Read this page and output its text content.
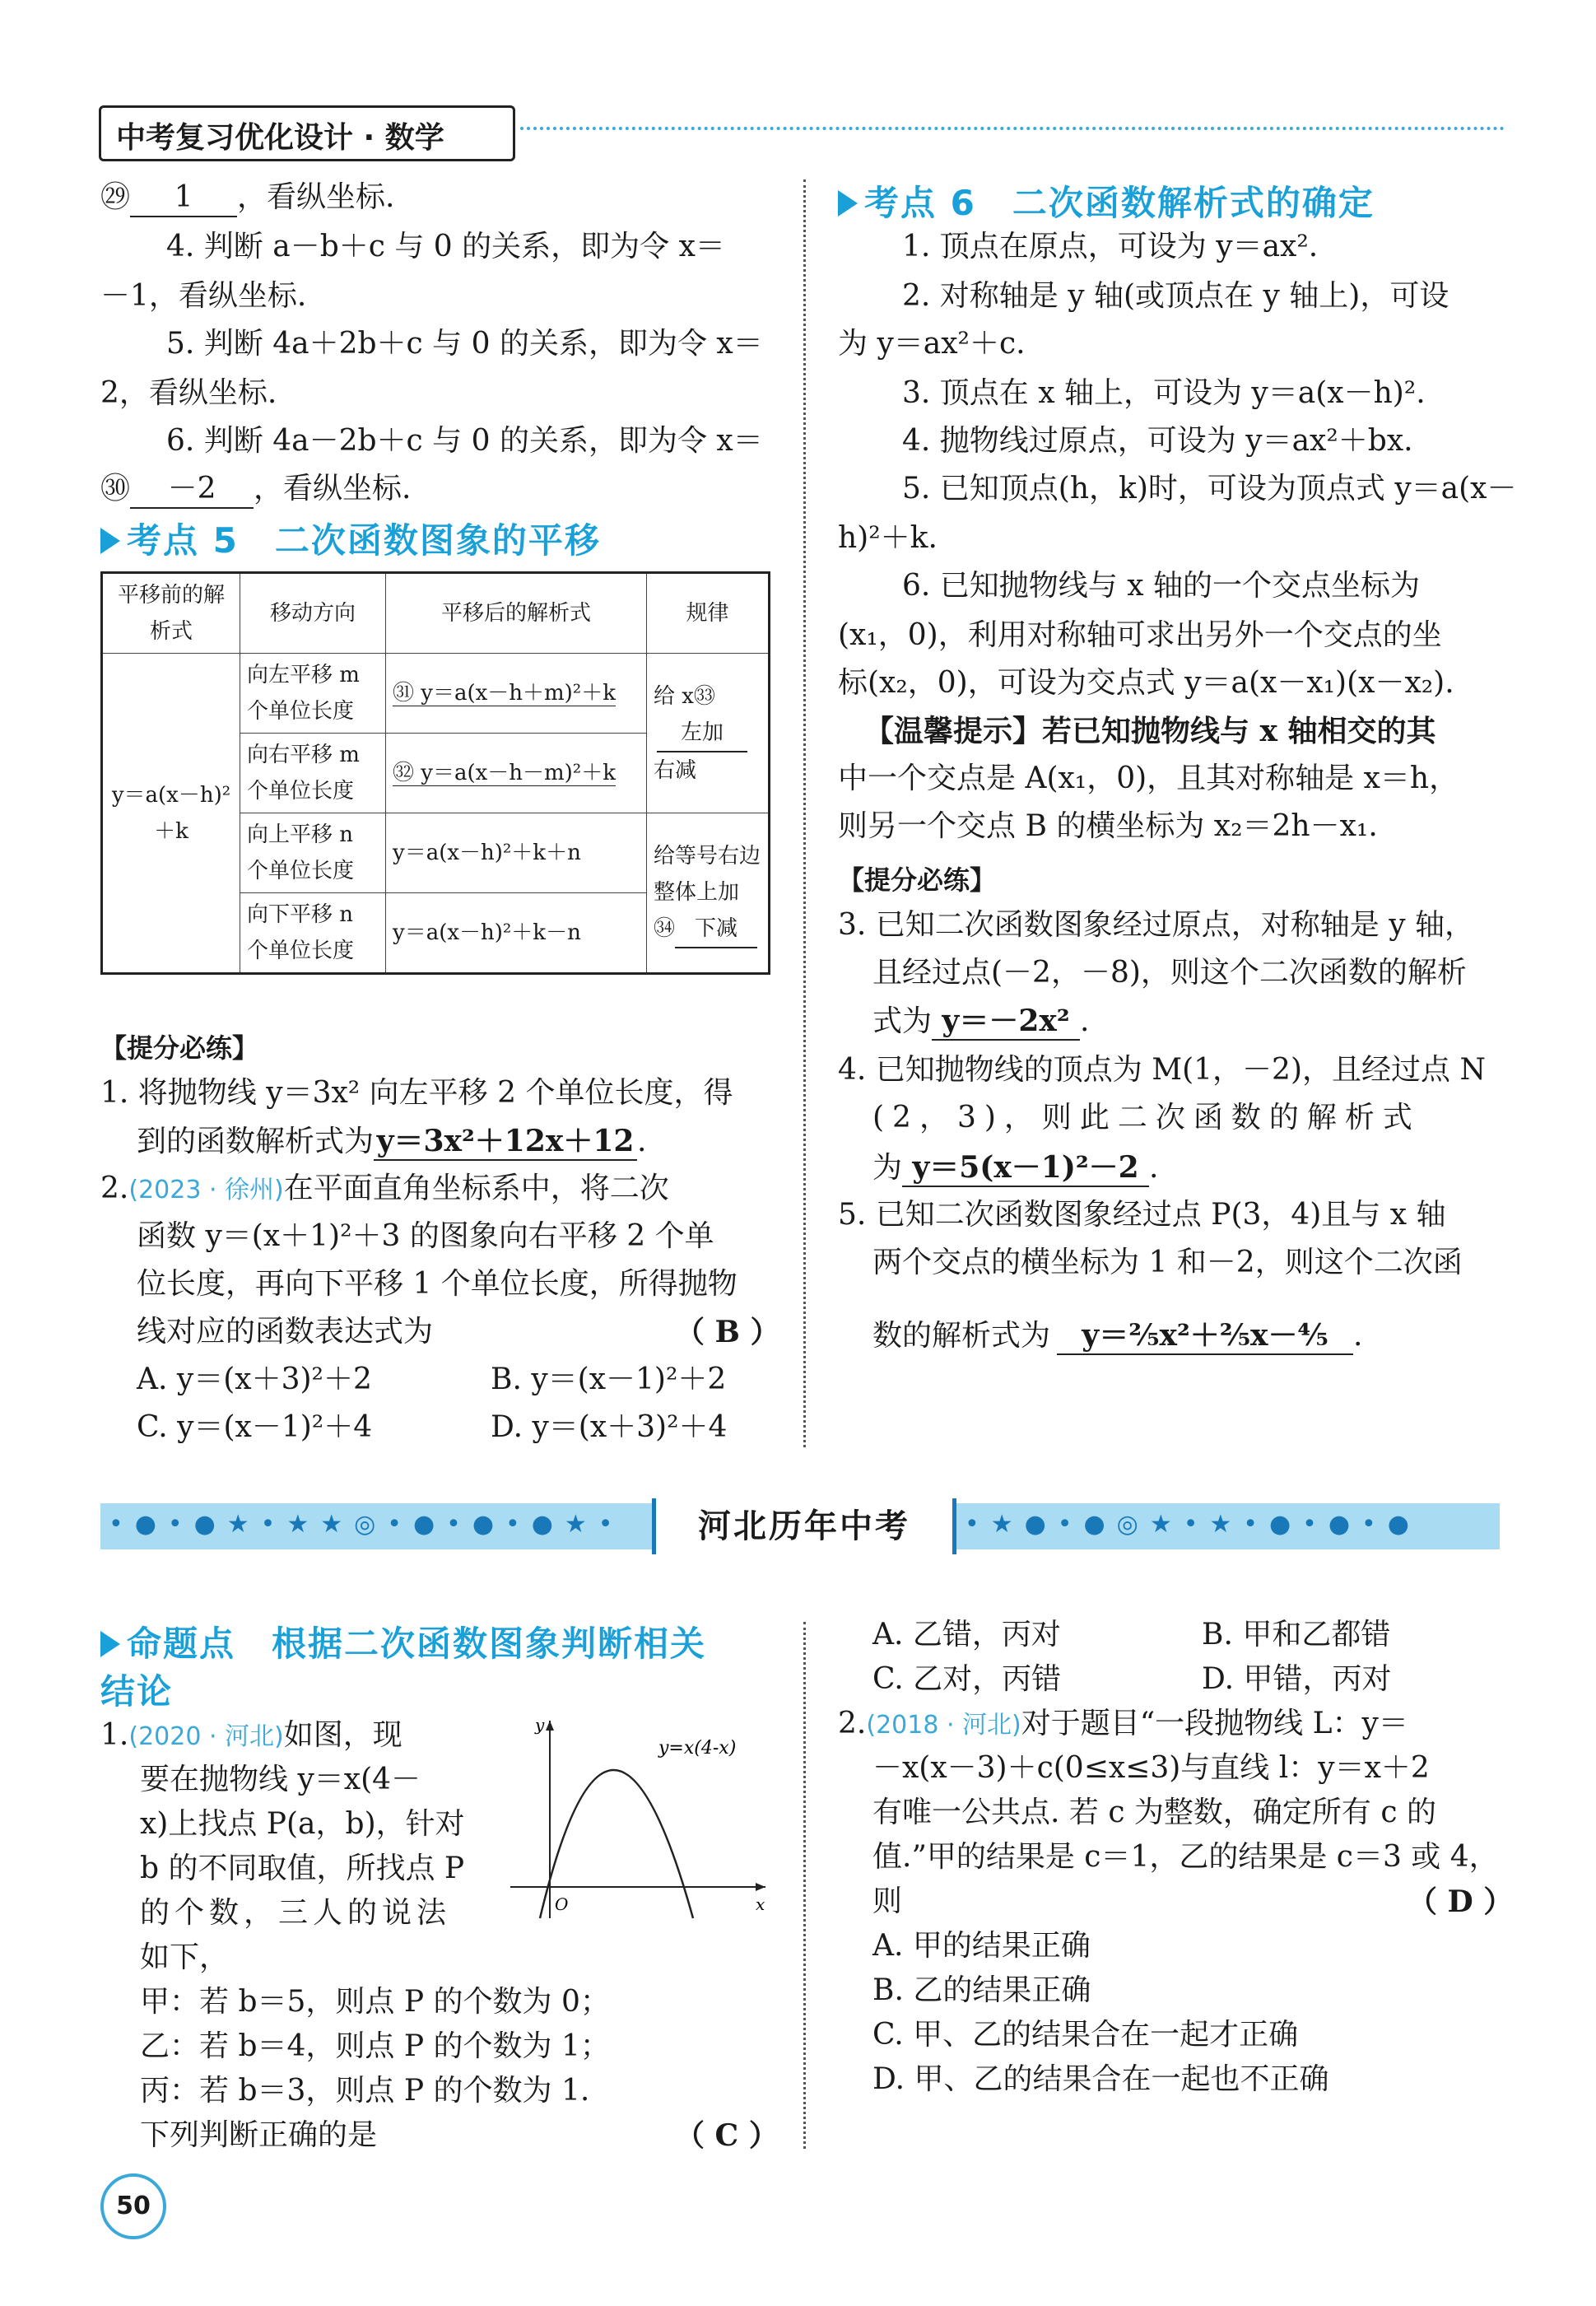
中考复习优化设计 · 数学
㉙ 1 ，看纵坐标.
4. 判断 a－b＋c 与 0 的关系，即为令 x＝
－1，看纵坐标.
5. 判断 4a＋2b＋c 与 0 的关系，即为令 x＝
2，看纵坐标.
6. 判断 4a－2b＋c 与 0 的关系，即为令 x＝
㉚ －2 ，看纵坐标.
考点 5　二次函数图象的平移
平移前的解析式	移动方向	平移后的解析式	规律
y＝a(x－h)²＋k	向左平移 m 个单位长度	㉛ y＝a(x－h＋m)²＋k	给 x㉝左加
右减
	向右平移 m 个单位长度	㉜ y＝a(x－h－m)²＋k	
	向上平移 n 个单位长度	y＝a(x－h)²＋k＋n	给等号右边整体上加
㉞ 下减
	向下平移 n 个单位长度	y＝a(x－h)²＋k－n	
【提分必练】
1. 将抛物线 y＝3x² 向左平移 2 个单位长度，得
到的函数解析式为y＝3x²＋12x＋12.
2.(2023 · 徐州)在平面直角坐标系中，将二次
函数 y＝(x＋1)²＋3 的图象向右平移 2 个单
位长度，再向下平移 1 个单位长度，所得抛物
线对应的函数表达式为	（ B ）
A. y＝(x＋3)²＋2	B. y＝(x－1)²＋2
C. y＝(x－1)²＋4	D. y＝(x＋3)²＋4
考点 6　二次函数解析式的确定
1. 顶点在原点，可设为 y＝ax².
2. 对称轴是 y 轴(或顶点在 y 轴上)，可设
为 y＝ax²＋c.
3. 顶点在 x 轴上，可设为 y＝a(x－h)².
4. 抛物线过原点，可设为 y＝ax²＋bx.
5. 已知顶点(h，k)时，可设为顶点式 y＝a(x－
h)²＋k.
6. 已知抛物线与 x 轴的一个交点坐标为
(x₁，0)，利用对称轴可求出另外一个交点的坐
标(x₂，0)，可设为交点式 y＝a(x－x₁)(x－x₂).
【温馨提示】若已知抛物线与 x 轴相交的其
中一个交点是 A(x₁，0)，且其对称轴是 x＝h，
则另一个交点 B 的横坐标为 x₂＝2h－x₁.
【提分必练】
3. 已知二次函数图象经过原点，对称轴是 y 轴，
且经过点(－2，－8)，则这个二次函数的解析
式为 y＝－2x² .
4. 已知抛物线的顶点为 M(1，－2)，且经过点 N
(2，3)，则此二次函数的解析式
为 y＝5(x－1)²－2 .
5. 已知二次函数图象经过点 P(3，4)且与 x 轴
两个交点的横坐标为 1 和－2，则这个二次函
数的解析式为 y＝⅖x²＋⅖x－⅘ .
•●•●★•★★◎•●•●•●★•	河北历年中考	•★●•●◎★•★•●•●•●
命题点　根据二次函数图象判断相关
结论
1.(2020 · 河北)如图，现
要在抛物线 y＝x(4－
x)上找点 P(a，b)，针对
b 的不同取值，所找点 P
的个数，三人的说法
如下，
甲：若 b＝5，则点 P 的个数为 0；
乙：若 b＝4，则点 P 的个数为 1；
丙：若 b＝3，则点 P 的个数为 1.
下列判断正确的是	（ C ）
y=x(4-x)
y
x
O
A. 乙错，丙对	B. 甲和乙都错
C. 乙对，丙错	D. 甲错，丙对
2.(2018 · 河北)对于题目“一段抛物线 L：y＝
－x(x－3)＋c(0≤x≤3)与直线 l：y＝x＋2
有唯一公共点. 若 c 为整数，确定所有 c 的
值.”甲的结果是 c＝1，乙的结果是 c＝3 或 4，
则	（ D ）
A. 甲的结果正确
B. 乙的结果正确
C. 甲、乙的结果合在一起才正确
D. 甲、乙的结果合在一起也不正确
50
